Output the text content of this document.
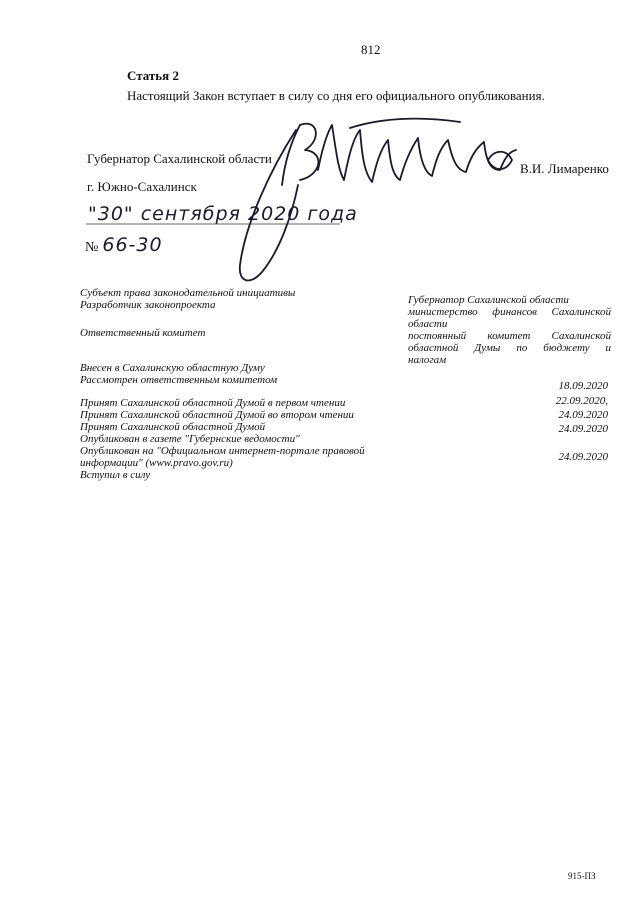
812
Статья 2
Настоящий Закон вступает в силу со дня его официального опубликования.
Губернатор Сахалинской области
В.И. Лимаренко
г. Южно-Сахалинск
"30" сентября 2020 года
№ 66-30
Субъект права законодательной инициативы
Разработчик законопроекта
Ответственный комитет
Внесен в Сахалинскую областную Думу
Рассмотрен ответственным комитетом
Принят Сахалинской областной Думой в первом чтении
Принят Сахалинской областной Думой во втором чтении
Принят Сахалинской областной Думой
Опубликован в газете "Губернские ведомости"
Опубликован на "Официальном интернет-портале правовой
информации" (www.pravo.gov.ru)
Вступил в силу
Губернатор Сахалинской области
министерство финансов Сахалинской
области
постоянный комитет Сахалинской
областной Думы по бюджету и
налогам
18.09.2020
22.09.2020,
24.09.2020
24.09.2020
24.09.2020
915-ПЗ
